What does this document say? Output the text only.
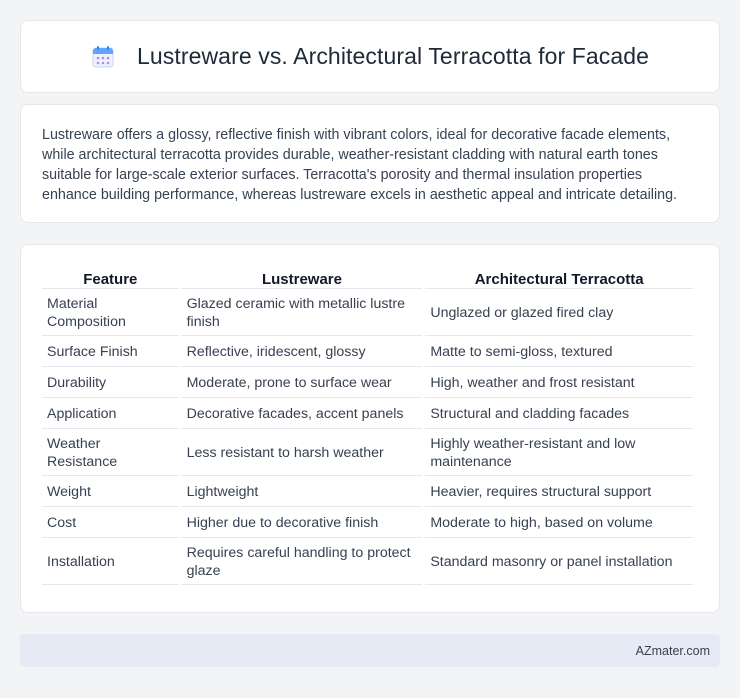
Lustreware vs. Architectural Terracotta for Facade

Lustreware offers a glossy, reflective finish with vibrant colors, ideal for decorative facade elements, while architectural terracotta provides durable, weather-resistant cladding with natural earth tones suitable for large-scale exterior surfaces. Terracotta's porosity and thermal insulation properties enhance building performance, whereas lustreware excels in aesthetic appeal and intricate detailing.

Feature	Lustreware	Architectural Terracotta
Material Composition	Glazed ceramic with metallic lustre finish	Unglazed or glazed fired clay
Surface Finish	Reflective, iridescent, glossy	Matte to semi-gloss, textured
Durability	Moderate, prone to surface wear	High, weather and frost resistant
Application	Decorative facades, accent panels	Structural and cladding facades
Weather Resistance	Less resistant to harsh weather	Highly weather-resistant and low maintenance
Weight	Lightweight	Heavier, requires structural support
Cost	Higher due to decorative finish	Moderate to high, based on volume
Installation	Requires careful handling to protect glaze	Standard masonry or panel installation
AZmater.com
